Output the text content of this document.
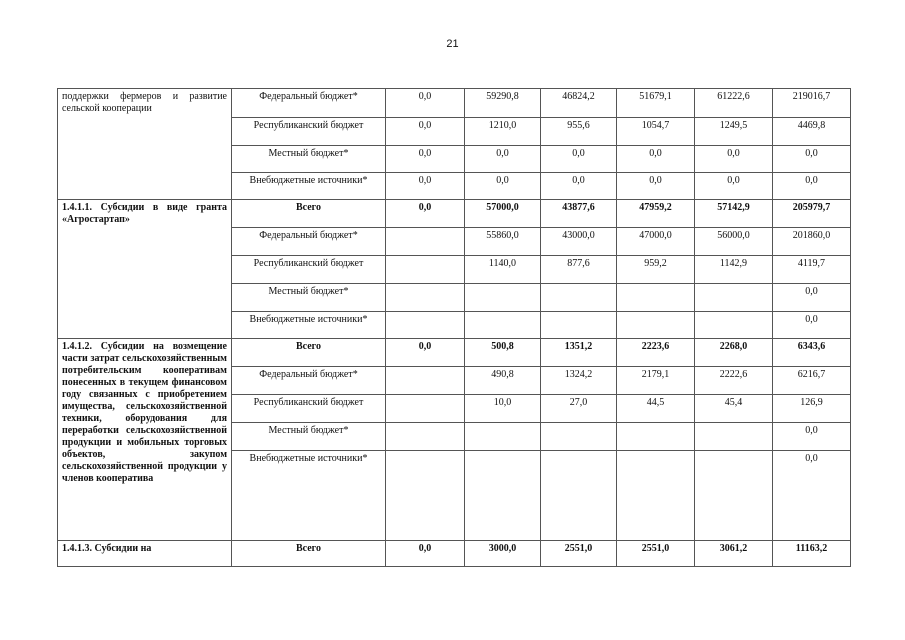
21
поддержки фермеров и развитие сельской кооперации	Федеральный бюджет*	0,0	59290,8	46824,2	51679,1	61222,6	219016,7
	Республиканский бюджет	0,0	1210,0	955,6	1054,7	1249,5	4469,8
	Местный бюджет*	0,0	0,0	0,0	0,0	0,0	0,0
	Внебюджетные источники*	0,0	0,0	0,0	0,0	0,0	0,0
1.4.1.1. Субсидии в виде гранта «Агростартап»	Всего	0,0	57000,0	43877,6	47959,2	57142,9	205979,7
	Федеральный бюджет*		55860,0	43000,0	47000,0	56000,0	201860,0
	Республиканский бюджет		1140,0	877,6	959,2	1142,9	4119,7
	Местный бюджет*						0,0
	Внебюджетные источники*						0,0
1.4.1.2. Субсидии на возмещение части затрат сельскохозяйственным потребительским кооперативам понесенных в текущем финансовом году связанных с приобретением имущества, сельскохозяйственной техники, оборудования для переработки сельскохозяйственной продукции и мобильных торговых объектов, закупом сельскохозяйственной продукции у членов кооператива	Всего	0,0	500,8	1351,2	2223,6	2268,0	6343,6
	Федеральный бюджет*		490,8	1324,2	2179,1	2222,6	6216,7
	Республиканский бюджет		10,0	27,0	44,5	45,4	126,9
	Местный бюджет*						0,0
	Внебюджетные источники*						0,0
1.4.1.3. Субсидии на	Всего	0,0	3000,0	2551,0	2551,0	3061,2	11163,2
